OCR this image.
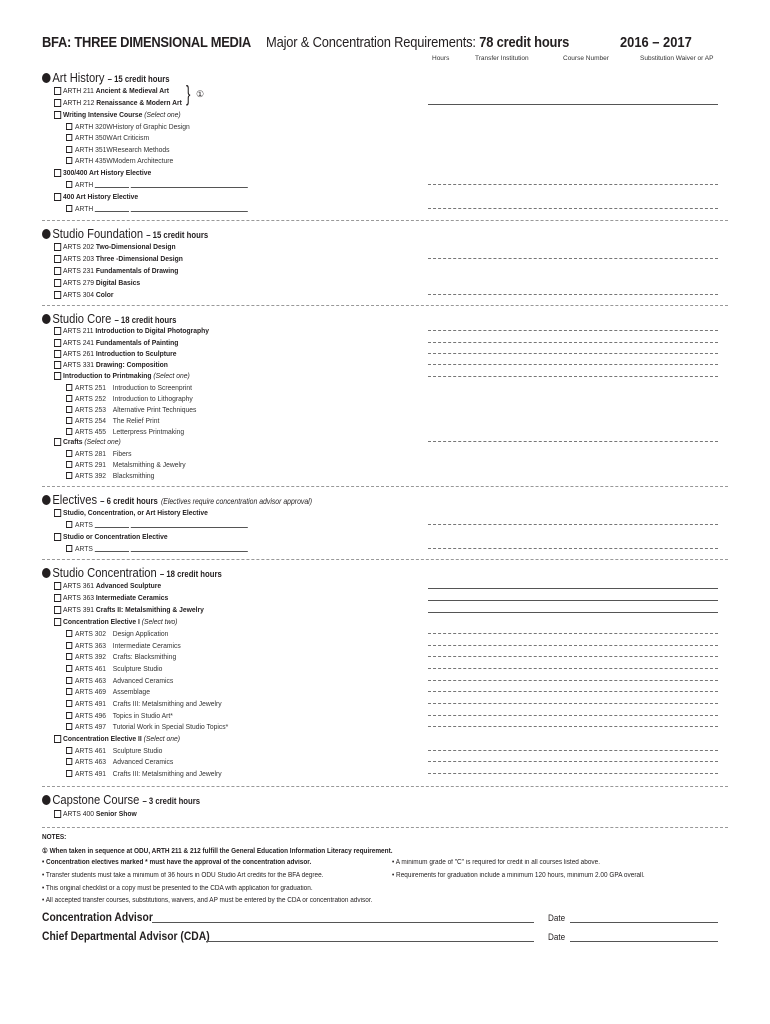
BFA: THREE DIMENSIONAL MEDIA Major & Concentration Requirements: 78 credit hours	2016 – 2017
Hours	Transfer Institution	Course Number	Substitution Waiver or AP
Art History – 15 credit hours
ARTH 211 Ancient & Medieval Art
ARTH 212 Renaissance & Modern Art } ①
Writing Intensive Course (Select one)
ARTH 320WHistory of Graphic Design
ARTH 350WArt Criticism
ARTH 351WResearch Methods
ARTH 435WModern Architecture
300/400 Art History Elective
ARTH
400 Art History Elective
ARTH
Studio Foundation – 15 credit hours
ARTS 202 Two-Dimensional Design
ARTS 203 Three -Dimensional Design
ARTS 231 Fundamentals of Drawing
ARTS 279 Digital Basics
ARTS 304 Color
Studio Core – 18 credit hours
ARTS 211 Introduction to Digital Photography
ARTS 241 Fundamentals of Painting
ARTS 261 Introduction to Sculpture
ARTS 331 Drawing: Composition
Introduction to Printmaking (Select one)
ARTS 251 Introduction to Screenprint
ARTS 252 Introduction to Lithography
ARTS 253 Alternative Print Techniques
ARTS 254 The Relief Print
ARTS 455 Letterpress Printmaking
Crafts (Select one)
ARTS 281 Fibers
ARTS 291 Metalsmithing & Jewelry
ARTS 392 Blacksmithing
Electives – 6 credit hours (Electives require concentration advisor approval)
Studio, Concentration, or Art History Elective
ARTS
Studio or Concentration Elective
ARTS
Studio Concentration – 18 credit hours
ARTS 361 Advanced Sculpture
ARTS 363 Intermediate Ceramics
ARTS 391 Crafts II: Metalsmithing & Jewelry
Concentration Elective I (Select two)
ARTS 302 Design Application
ARTS 363 Intermediate Ceramics
ARTS 392 Crafts: Blacksmithing
ARTS 461 Sculpture Studio
ARTS 463 Advanced Ceramics
ARTS 469 Assemblage
ARTS 491 Crafts III: Metalsmithing and Jewelry
ARTS 496 Topics in Studio Art*
ARTS 497 Tutorial Work in Special Studio Topics*
Concentration Elective II (Select one)
ARTS 461 Sculpture Studio
ARTS 463 Advanced Ceramics
ARTS 491 Crafts III: Metalsmithing and Jewelry
Capstone Course – 3 credit hours
ARTS 400 Senior Show
NOTES:
① When taken in sequence at ODU, ARTH 211 & 212 fulfill the General Education Information Literacy requirement.
• Concentration electives marked * must have the approval of the concentration advisor.
• Transfer students must take a minimum of 36 hours in ODU Studio Art credits for the BFA degree.
• This original checklist or a copy must be presented to the CDA with application for graduation.
• All accepted transfer courses, substitutions, waivers, and AP must be entered by the CDA or concentration advisor.
• A minimum grade of "C" is required for credit in all courses listed above.
• Requirements for graduation include a minimum 120 hours, minimum 2.00 GPA overall.
Concentration Advisor	Date
Chief Departmental Advisor (CDA)	Date
